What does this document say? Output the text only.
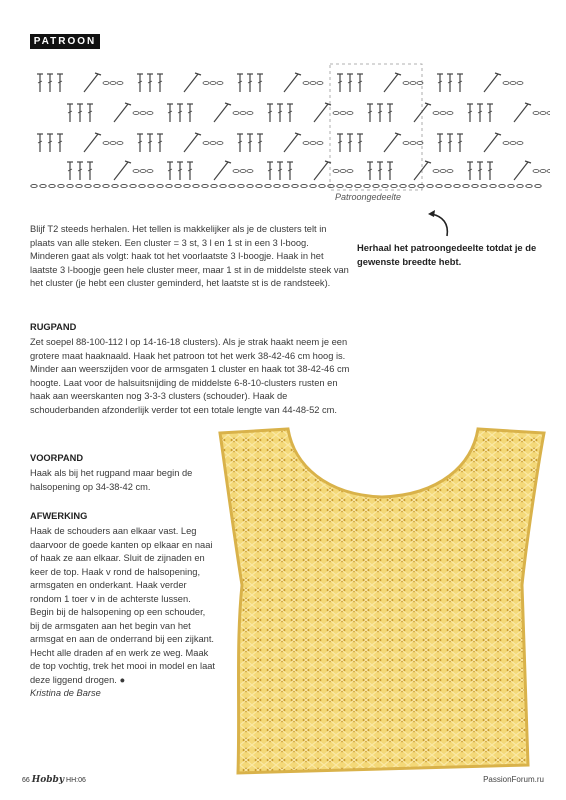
PATROON
Patroongedeelte
Herhaal het patroongedeelte totdat je de gewenste breedte hebt.
Blijf T2 steeds herhalen. Het tellen is makkelijker als je de clusters telt in plaats van alle steken. Een cluster = 3 st, 3 l en 1 st in een 3 l-boog. Minderen gaat als volgt: haak tot het voorlaatste 3 l-boogje. Haak in het laatste 3 l-boogje geen hele cluster meer, maar 1 st in de middelste steek van het cluster (je hebt een cluster geminderd, het laatste st is de randsteek).
RUGPAND
Zet soepel 88-100-112 l op 14-16-18 clusters). Als je strak haakt neem je een grotere maat haaknaald. Haak het patroon tot het werk 38-42-46 cm hoog is. Minder aan weerszijden voor de armsgaten 1 cluster en haak tot 38-42-46 cm hoogte. Laat voor de halsuitsnijding de middelste 6-8-10-clusters rusten en haak aan weerskanten nog 3-3-3 clusters (schouder). Haak de schouderbanden afzonderlijk verder tot een totale lengte van 44-48-52 cm.
VOORPAND
Haak als bij het rugpand maar begin de halsopening op 34-38-42 cm.
AFWERKING
Haak de schouders aan elkaar vast. Leg daarvoor de goede kanten op elkaar en naai of haak ze aan elkaar. Sluit de zijnaden en keer de top. Haak v rond de halsopening, armsgaten en onderkant. Haak verder rondom 1 toer v in de achterste lussen. Begin bij de halsopening op een schouder, bij de armsgaten aan het begin van het armsgat en aan de onderrand bij een zijkant. Hecht alle draden af en werk ze weg. Maak de top vochtig, trek het mooi in model en laat deze liggend drogen. ●
Kristina de Barse
66 Hobby HH:06	PassionForum.ru
